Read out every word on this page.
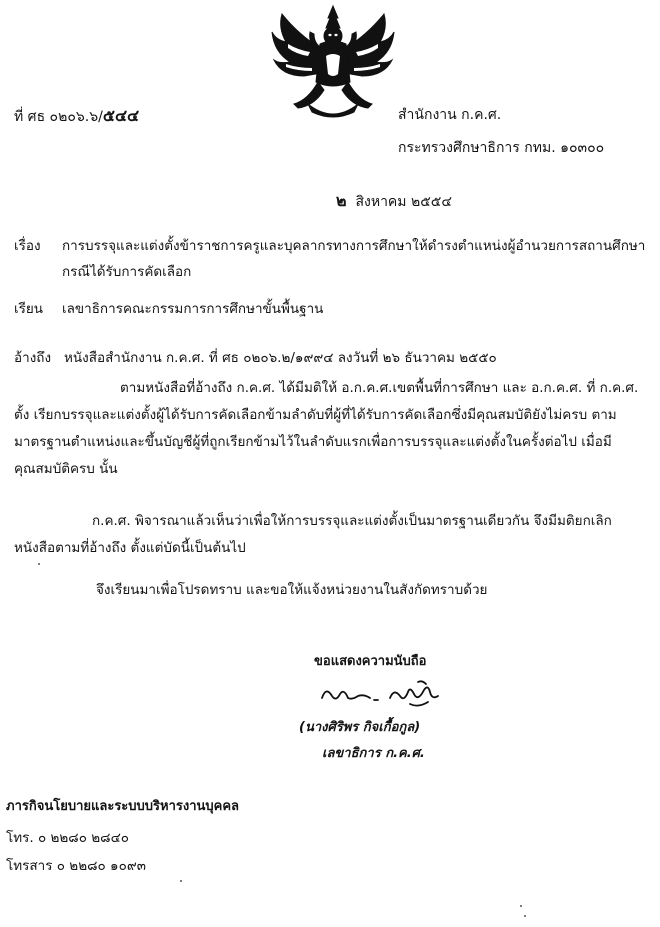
ที่ ศธ ๐๒๐๖.๖/๕๔๔	สำนักงาน ก.ค.ศ.
กระทรวงศึกษาธิการ กทม. ๑๐๓๐๐
๒ สิงหาคม ๒๕๕๔
เรื่อง การบรรจุและแต่งตั้งข้าราชการครูและบุคลากรทางการศึกษาให้ดำรงตำแหน่งผู้อำนวยการสถานศึกษา
กรณีได้รับการคัดเลือก
เรียน เลขาธิการคณะกรรมการการศึกษาขั้นพื้นฐาน
อ้างถึง หนังสือสำนักงาน ก.ค.ศ. ที่ ศธ ๐๒๐๖.๒/๑๙๙๔ ลงวันที่ ๒๖ ธันวาคม ๒๕๕๐
ตามหนังสือที่อ้างถึง ก.ค.ศ. ได้มีมติให้ อ.ก.ค.ศ.เขตพื้นที่การศึกษา และ อ.ก.ค.ศ. ที่ ก.ค.ศ. ตั้ง เรียกบรรจุและแต่งตั้งผู้ได้รับการคัดเลือกข้ามลำดับที่ผู้ที่ได้รับการคัดเลือกซึ่งมีคุณสมบัติยังไม่ครบ ตามมาตรฐานตำแหน่งและขึ้นบัญชีผู้ที่ถูกเรียกข้ามไว้ในลำดับแรกเพื่อการบรรจุและแต่งตั้งในครั้งต่อไป เมื่อมีคุณสมบัติครบ นั้น
ก.ค.ศ. พิจารณาแล้วเห็นว่าเพื่อให้การบรรจุและแต่งตั้งเป็นมาตรฐานเดียวกัน จึงมีมติยกเลิก หนังสือตามที่อ้างถึง ตั้งแต่บัดนี้เป็นต้นไป
จึงเรียนมาเพื่อโปรดทราบ และขอให้แจ้งหน่วยงานในสังกัดทราบด้วย
ขอแสดงความนับถือ
(นางศิริพร กิจเกื้อกูล)
เลขาธิการ ก.ค.ศ.
ภารกิจนโยบายและระบบบริหารงานบุคคล
โทร. ๐ ๒๒๘๐ ๒๘๔๐
โทรสาร ๐ ๒๒๘๐ ๑๐๙๓
